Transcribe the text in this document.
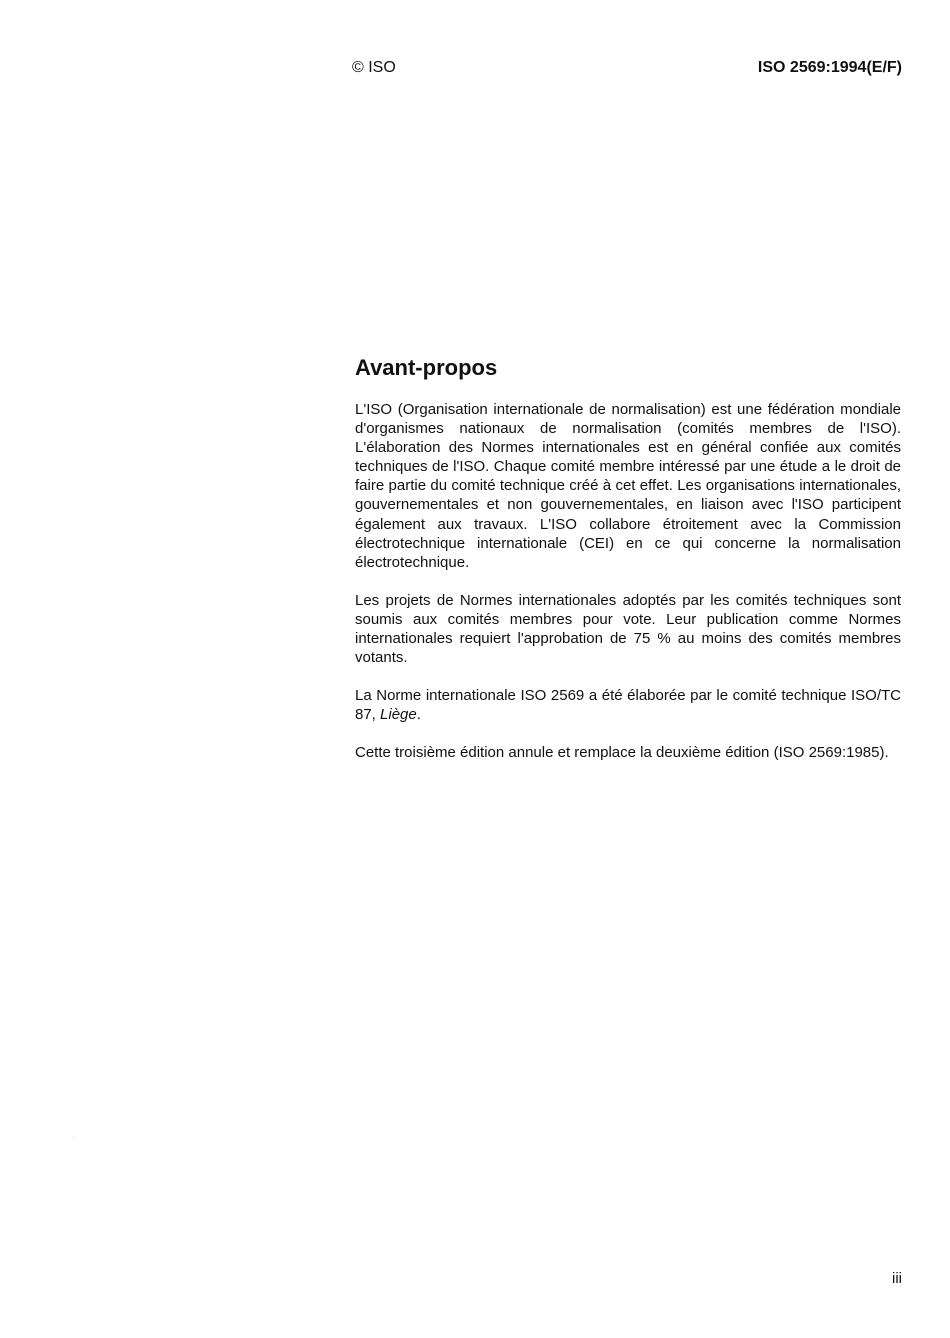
© ISO	ISO 2569:1994(E/F)
Avant-propos

L'ISO (Organisation internationale de normalisation) est une fédération mondiale d'organismes nationaux de normalisation (comités membres de l'ISO). L'élaboration des Normes internationales est en général confiée aux comités techniques de l'ISO. Chaque comité membre intéressé par une étude a le droit de faire partie du comité technique créé à cet effet. Les organisations internationales, gouvernementales et non gouvernementales, en liaison avec l'ISO participent également aux travaux. L'ISO collabore étroitement avec la Commission électrotechnique internationale (CEI) en ce qui concerne la normalisation électrotechnique.

Les projets de Normes internationales adoptés par les comités techniques sont soumis aux comités membres pour vote. Leur publication comme Normes internationales requiert l'approbation de 75 % au moins des comités membres votants.

La Norme internationale ISO 2569 a été élaborée par le comité technique ISO/TC 87, Liège.

Cette troisième édition annule et remplace la deuxième édition (ISO 2569:1985).

iii
